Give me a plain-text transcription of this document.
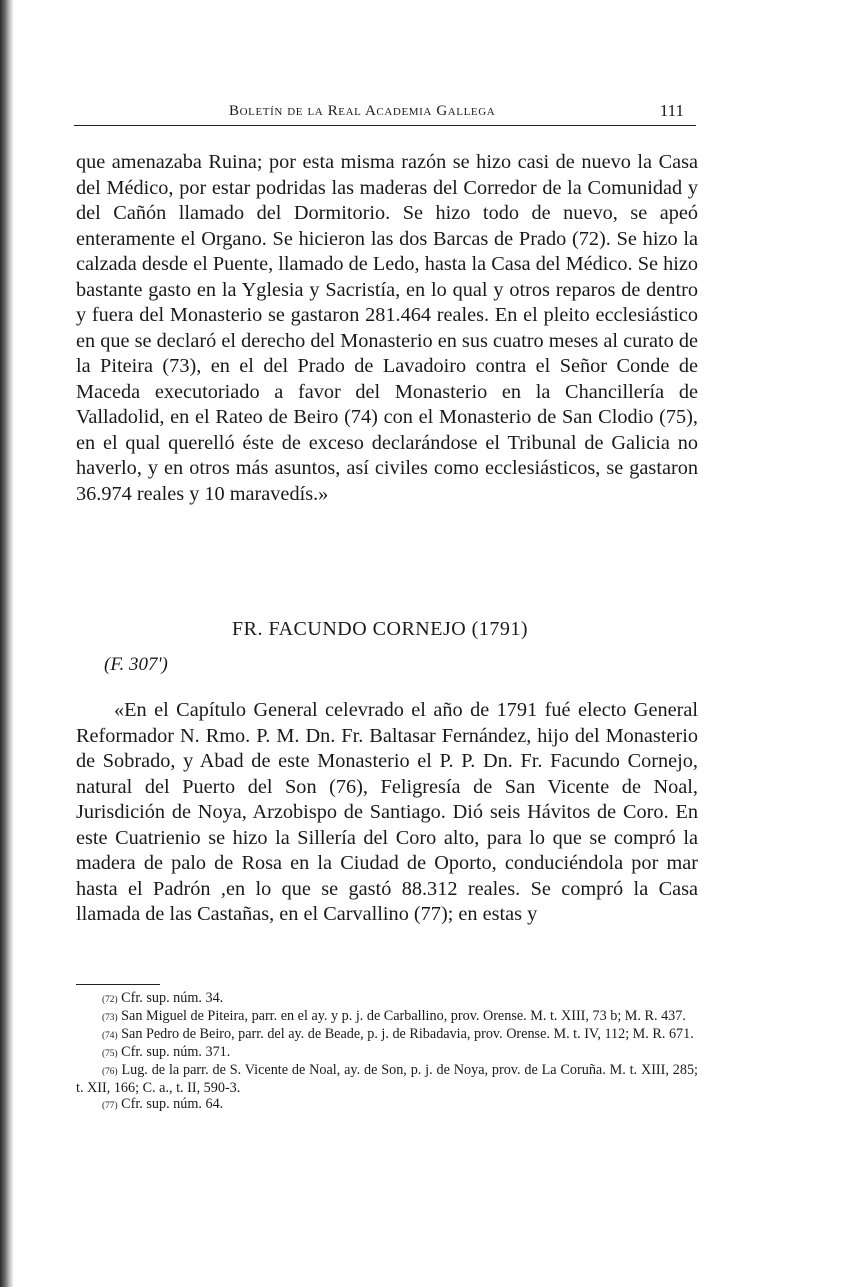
Boletín de la Real Academia Gallega	111

que amenazaba Ruina; por esta misma razón se hizo casi de nuevo la Casa del Médico, por estar podridas las maderas del Corredor de la Comunidad y del Cañón llamado del Dormitorio. Se hizo todo de nuevo, se apeó enteramente el Organo. Se hicieron las dos Barcas de Prado (72). Se hizo la calzada desde el Puente, llamado de Ledo, hasta la Casa del Médico. Se hizo bastante gasto en la Yglesia y Sacristía, en lo qual y otros reparos de dentro y fuera del Monasterio se gastaron 281.464 reales. En el pleito ecclesiástico en que se declaró el derecho del Monasterio en sus cuatro meses al curato de la Piteira (73), en el del Prado de Lavadoiro contra el Señor Conde de Maceda executoriado a favor del Monasterio en la Chancillería de Valladolid, en el Rateo de Beiro (74) con el Monasterio de San Clodio (75), en el qual querelló éste de exceso declarándose el Tribunal de Galicia no haverlo, y en otros más asuntos, así civiles como ecclesiásticos, se gastaron 36.974 reales y 10 maravedís.»

FR. FACUNDO CORNEJO (1791)
(F. 307')

«En el Capítulo General celevrado el año de 1791 fué electo General Reformador N. Rmo. P. M. Dn. Fr. Baltasar Fernández, hijo del Monasterio de Sobrado, y Abad de este Monasterio el P. P. Dn. Fr. Facundo Cornejo, natural del Puerto del Son (76), Feligresía de San Vicente de Noal, Jurisdición de Noya, Arzobispo de Santiago. Dió seis Hávitos de Coro. En este Cuatrienio se hizo la Sillería del Coro alto, para lo que se compró la madera de palo de Rosa en la Ciudad de Oporto, conduciéndola por mar hasta el Padrón ,en lo que se gastó 88.312 reales. Se compró la Casa llamada de las Castañas, en el Carvallino (77); en estas y

(72) Cfr. sup. núm. 34.

(73) San Miguel de Piteira, parr. en el ay. y p. j. de Carballino, prov. Orense. M. t. XIII, 73 b; M. R. 437.

(74) San Pedro de Beiro, parr. del ay. de Beade, p. j. de Ribadavia, prov. Orense. M. t. IV, 112; M. R. 671.

(75) Cfr. sup. núm. 371.

(76) Lug. de la parr. de S. Vicente de Noal, ay. de Son, p. j. de Noya, prov. de La Coruña. M. t. XIII, 285; t. XII, 166; C. a., t. II, 590-3.

(77) Cfr. sup. núm. 64.
